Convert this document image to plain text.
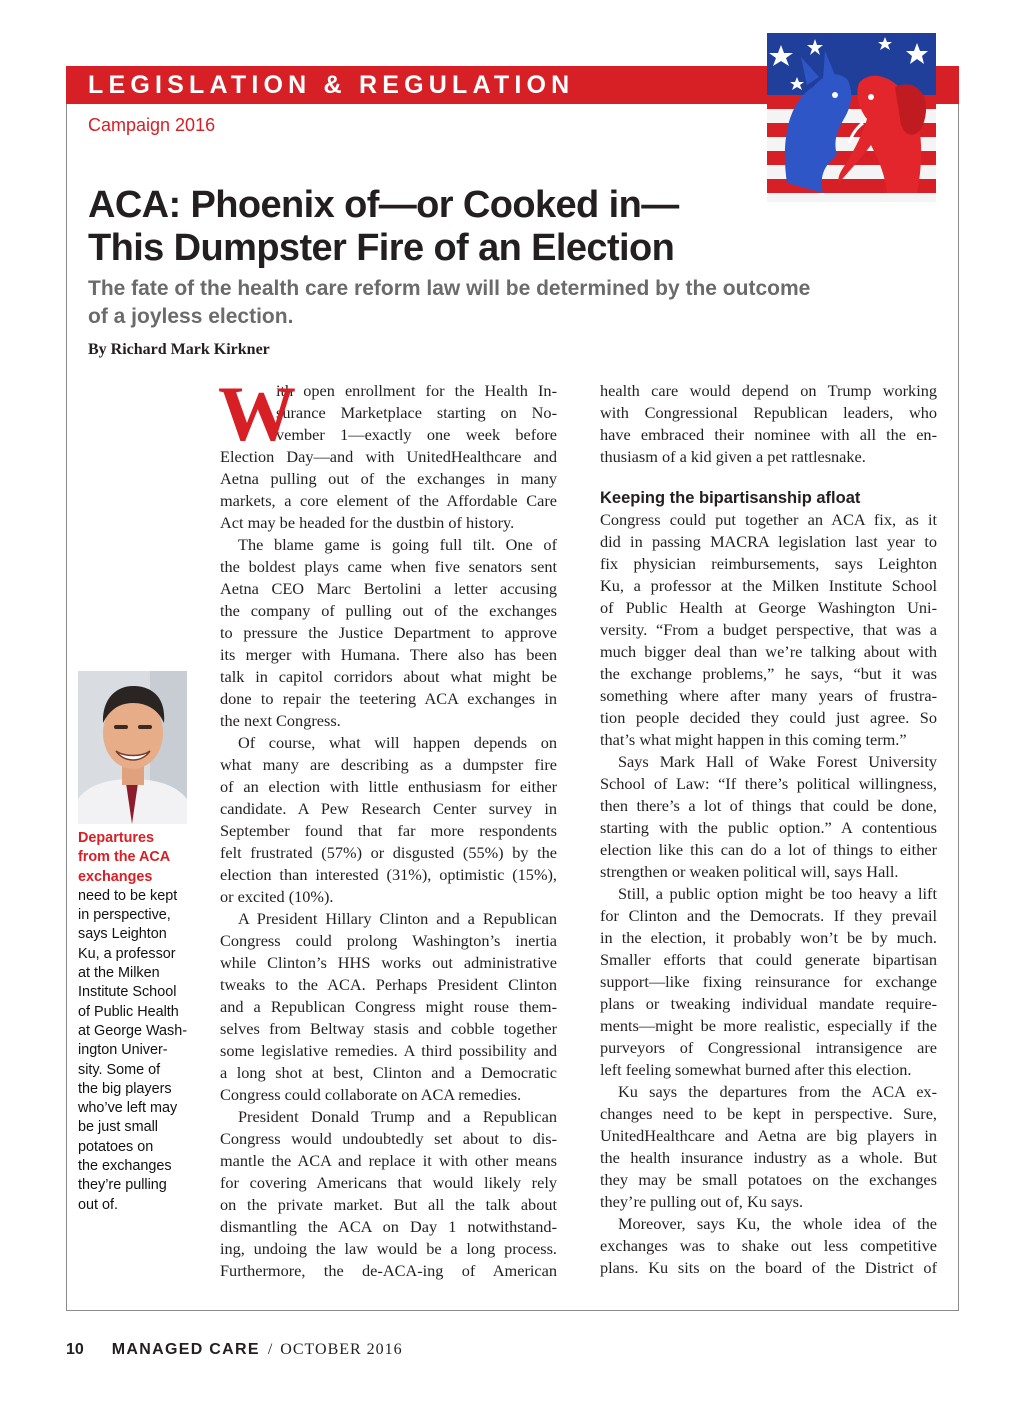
LEGISLATION & REGULATION
Campaign 2016
ACA: Phoenix of—or Cooked in—
This Dumpster Fire of an Election
The fate of the health care reform law will be determined by the outcome
of a joyless election.
By Richard Mark Kirkner
Departures
from the ACA
exchanges
need to be kept
in perspective,
says Leighton
Ku, a professor
at the Milken
Institute School
of Public Health
at George Wash-
ington Univer-
sity. Some of
the big players
who’ve left may
be just small
potatoes on
the exchanges
they’re pulling
out of.
W
ith open enrollment for the Health In-
surance Marketplace starting on No-
vember 1—exactly one week before
Election Day—and with UnitedHealthcare and
Aetna pulling out of the exchanges in many
markets, a core element of the Affordable Care
Act may be headed for the dustbin of history.
The blame game is going full tilt. One of
the boldest plays came when five senators sent
Aetna CEO Marc Bertolini a letter accusing
the company of pulling out of the exchanges
to pressure the Justice Department to approve
its merger with Humana. There also has been
talk in capitol corridors about what might be
done to repair the teetering ACA exchanges in
the next Congress.
Of course, what will happen depends on
what many are describing as a dumpster fire
of an election with little enthusiasm for either
candidate. A Pew Research Center survey in
September found that far more respondents
felt frustrated (57%) or disgusted (55%) by the
election than interested (31%), optimistic (15%),
or excited (10%).
A President Hillary Clinton and a Republican
Congress could prolong Washington’s inertia
while Clinton’s HHS works out administrative
tweaks to the ACA. Perhaps President Clinton
and a Republican Congress might rouse them-
selves from Beltway stasis and cobble together
some legislative remedies. A third possibility and
a long shot at best, Clinton and a Democratic
Congress could collaborate on ACA remedies.
President Donald Trump and a Republican
Congress would undoubtedly set about to dis-
mantle the ACA and replace it with other means
for covering Americans that would likely rely
on the private market. But all the talk about
dismantling the ACA on Day 1 notwithstand-
ing, undoing the law would be a long process.
Furthermore, the de-ACA-ing of American
health care would depend on Trump working
with Congressional Republican leaders, who
have embraced their nominee with all the en-
thusiasm of a kid given a pet rattlesnake.
Keeping the bipartisanship afloat
Congress could put together an ACA fix, as it
did in passing MACRA legislation last year to
fix physician reimbursements, says Leighton
Ku, a professor at the Milken Institute School
of Public Health at George Washington Uni-
versity. “From a budget perspective, that was a
much bigger deal than we’re talking about with
the exchange problems,” he says, “but it was
something where after many years of frustra-
tion people decided they could just agree. So
that’s what might happen in this coming term.”
Says Mark Hall of Wake Forest University
School of Law: “If there’s political willingness,
then there’s a lot of things that could be done,
starting with the public option.” A contentious
election like this can do a lot of things to either
strengthen or weaken political will, says Hall.
Still, a public option might be too heavy a lift
for Clinton and the Democrats. If they prevail
in the election, it probably won’t be by much.
Smaller efforts that could generate bipartisan
support—like fixing reinsurance for exchange
plans or tweaking individual mandate require-
ments—might be more realistic, especially if the
purveyors of Congressional intransigence are
left feeling somewhat burned after this election.
Ku says the departures from the ACA ex-
changes need to be kept in perspective. Sure,
UnitedHealthcare and Aetna are big players in
the health insurance industry as a whole. But
they may be small potatoes on the exchanges
they’re pulling out of, Ku says.
Moreover, says Ku, the whole idea of the
exchanges was to shake out less competitive
plans. Ku sits on the board of the District of
10 MANAGED CARE / OCTOBER 2016
